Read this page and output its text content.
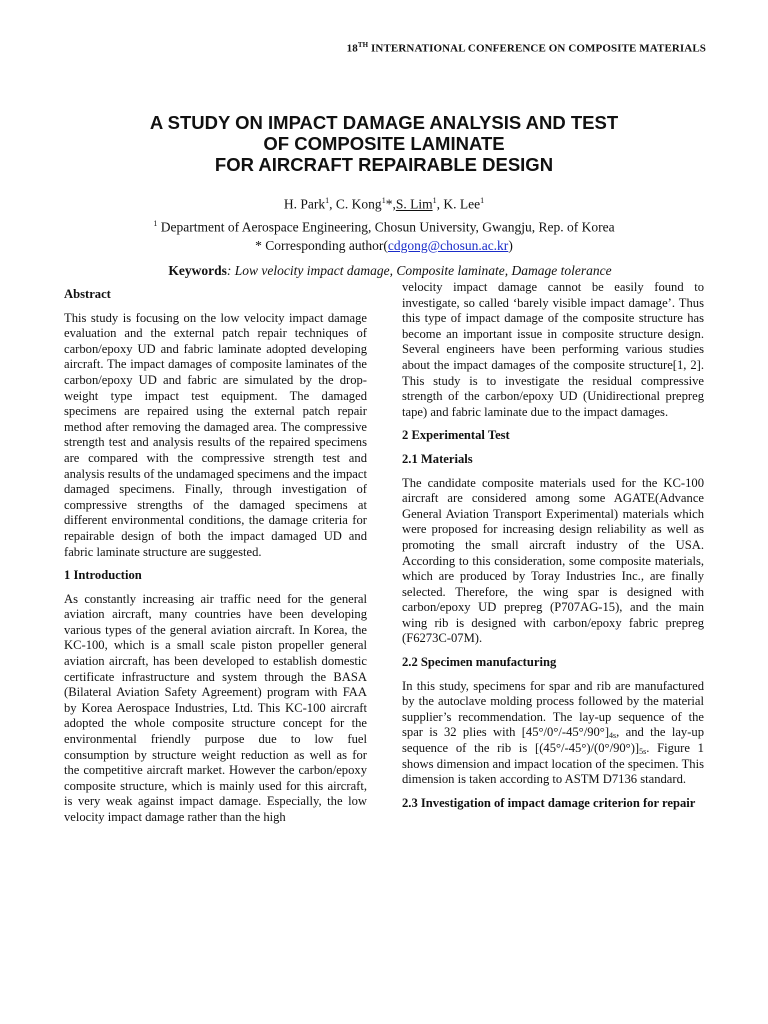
18TH INTERNATIONAL CONFERENCE ON COMPOSITE MATERIALS
A STUDY ON IMPACT DAMAGE ANALYSIS AND TEST
OF COMPOSITE LAMINATE
FOR AIRCRAFT REPAIRABLE DESIGN
H. Park$^1$, C. Kong$^1$*,S. Lim$^1$, K. Lee$^1$
$^1$ Department of Aerospace Engineering, Chosun University, Gwangju, Rep. of Korea
* Corresponding author(cdgong@chosun.ac.kr)
Keywords: Low velocity impact damage, Composite laminate, Damage tolerance
Abstract

This study is focusing on the low velocity impact damage evaluation and the external patch repair techniques of carbon/epoxy UD and fabric laminate adopted developing aircraft. The impact damages of composite laminates of the carbon/epoxy UD and fabric are simulated by the drop-weight type impact test equipment. The damaged specimens are repaired using the external patch repair method after removing the damaged area. The compressive strength test and analysis results of the repaired specimens are compared with the compressive strength test and analysis results of the undamaged specimens and the impact damaged specimens. Finally, through investigation of compressive strengths of the damaged specimens at different environmental conditions, the damage criteria for repairable design of both the impact damaged UD and fabric laminate structure are suggested.

1 Introduction

As constantly increasing air traffic need for the general aviation aircraft, many countries have been developing various types of the general aviation aircraft. In Korea, the KC-100, which is a small scale piston propeller general aviation aircraft, has been developed to establish domestic certificate infrastructure and system through the BASA (Bilateral Aviation Safety Agreement) program with FAA by Korea Aerospace Industries, Ltd. This KC-100 aircraft adopted the whole composite structure concept for the environmental friendly purpose due to low fuel consumption by structure weight reduction as well as for the competitive aircraft market. However the carbon/epoxy composite structure, which is mainly used for this aircraft, is very weak against impact damage. Especially, the low velocity impact damage rather than the high

velocity impact damage cannot be easily found to investigate, so called ‘barely visible impact damage’. Thus this type of impact damage of the composite structure has become an important issue in composite structure design. Several engineers have been performing various studies about the impact damages of the composite structure[1, 2]. This study is to investigate the residual compressive strength of the carbon/epoxy UD (Unidirectional prepreg tape) and fabric laminate due to the impact damages.

2 Experimental Test
2.1 Materials

The candidate composite materials used for the KC-100 aircraft are considered among some AGATE(Advance General Aviation Transport Experimental) materials which were proposed for increasing design reliability as well as promoting the small aircraft industry of the USA. According to this consideration, some composite materials, which are produced by Toray Industries Inc., are finally selected. Therefore, the wing spar is designed with carbon/epoxy UD prepreg (P707AG-15), and the main wing rib is designed with carbon/epoxy fabric prepreg (F6273C-07M).

2.2 Specimen manufacturing

In this study, specimens for spar and rib are manufactured by the autoclave molding process followed by the material supplier’s recommendation. The lay-up sequence of the spar is 32 plies with $[45^\circ/0^\circ/-45^\circ/90^\circ]_{4s}$, and the lay-up sequence of the rib is $[(45^\circ/-45^\circ)/(0^\circ/90^\circ)]_{5s}$. Figure 1 shows dimension and impact location of the specimen. This dimension is taken according to ASTM D7136 standard.

2.3 Investigation of impact damage criterion for repair
